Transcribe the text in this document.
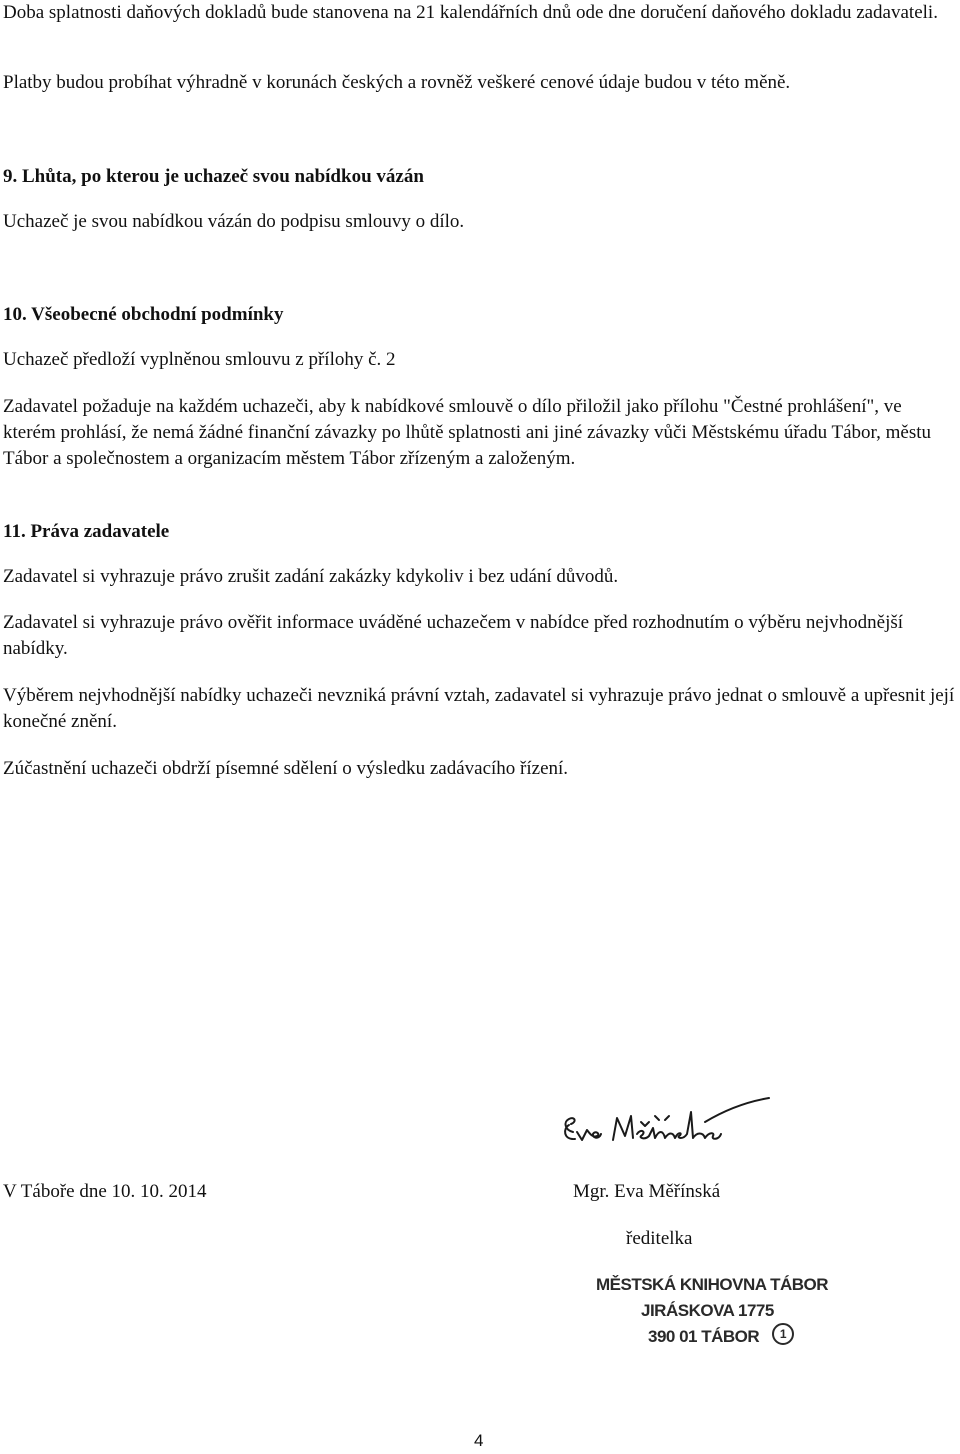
Doba splatnosti daňových dokladů bude stanovena na 21 kalendářních dnů ode dne doručení daňového dokladu zadavateli.

Platby budou probíhat výhradně v korunách českých a rovněž veškeré cenové údaje budou v této měně.

9. Lhůta, po kterou je uchazeč svou nabídkou vázán

Uchazeč je svou nabídkou vázán do podpisu smlouvy o dílo.

10. Všeobecné obchodní podmínky

Uchazeč předloží vyplněnou smlouvu z přílohy č. 2

Zadavatel požaduje na každém uchazeči, aby k nabídkové smlouvě o dílo přiložil jako přílohu "Čestné prohlášení", ve kterém prohlásí, že nemá žádné finanční závazky po lhůtě splatnosti ani jiné závazky vůči Městskému úřadu Tábor, městu Tábor a společnostem a organizacím městem Tábor zřízeným a založeným.

11. Práva zadavatele

Zadavatel si vyhrazuje právo zrušit zadání zakázky kdykoliv i bez udání důvodů.

Zadavatel si vyhrazuje právo ověřit informace uváděné uchazečem v nabídce před rozhodnutím o výběru nejvhodnější nabídky.

Výběrem nejvhodnější nabídky uchazeči nevzniká právní vztah, zadavatel si vyhrazuje právo jednat o smlouvě a upřesnit její konečné znění.

Zúčastnění uchazeči obdrží písemné sdělení o výsledku zadávacího řízení.

V Táboře dne 10. 10. 2014	Mgr. Eva Měřínská

ředitelka

MĚSTSKÁ KNIHOVNA TÁBOR
JIRÁSKOVA 1775
390 01 TÁBOR	1
4
